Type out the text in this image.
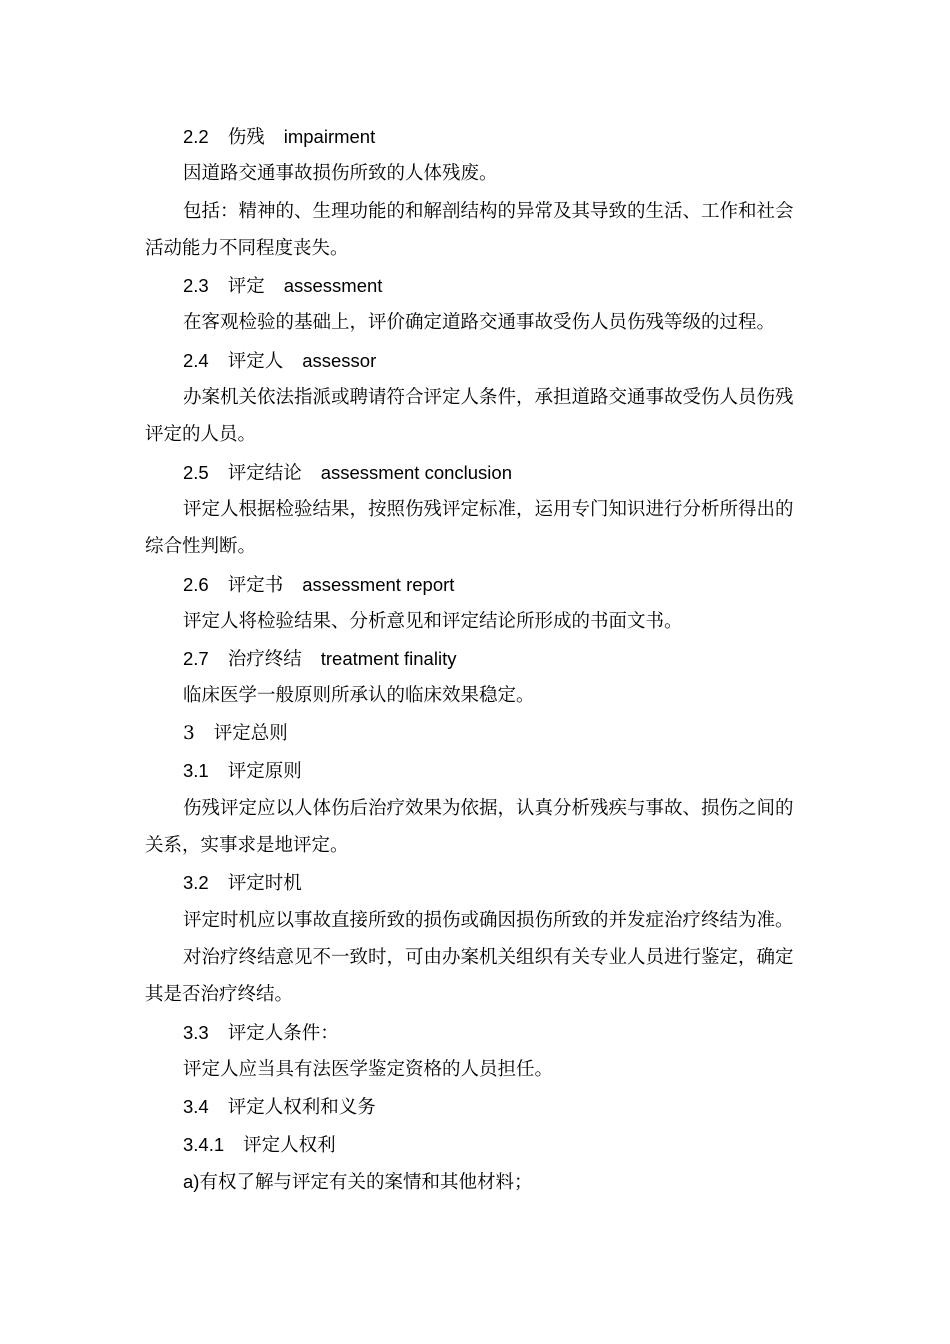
2.2 伤残 impairment
因道路交通事故损伤所致的人体残废。
包括：精神的、生理功能的和解剖结构的异常及其导致的生活、工作和社会
活动能力不同程度丧失。
2.3 评定 assessment
在客观检验的基础上，评价确定道路交通事故受伤人员伤残等级的过程。
2.4 评定人 assessor
办案机关依法指派或聘请符合评定人条件，承担道路交通事故受伤人员伤残
评定的人员。
2.5 评定结论 assessment conclusion
评定人根据检验结果，按照伤残评定标准，运用专门知识进行分析所得出的
综合性判断。
2.6 评定书 assessment report
评定人将检验结果、分析意见和评定结论所形成的书面文书。
2.7 治疗终结 treatment finality
临床医学一般原则所承认的临床效果稳定。
3 评定总则
3.1 评定原则
伤残评定应以人体伤后治疗效果为依据，认真分析残疾与事故、损伤之间的
关系，实事求是地评定。
3.2 评定时机
评定时机应以事故直接所致的损伤或确因损伤所致的并发症治疗终结为准。
对治疗终结意见不一致时，可由办案机关组织有关专业人员进行鉴定，确定
其是否治疗终结。
3.3 评定人条件：
评定人应当具有法医学鉴定资格的人员担任。
3.4 评定人权利和义务
3.4.1 评定人权利
a)有权了解与评定有关的案情和其他材料；
